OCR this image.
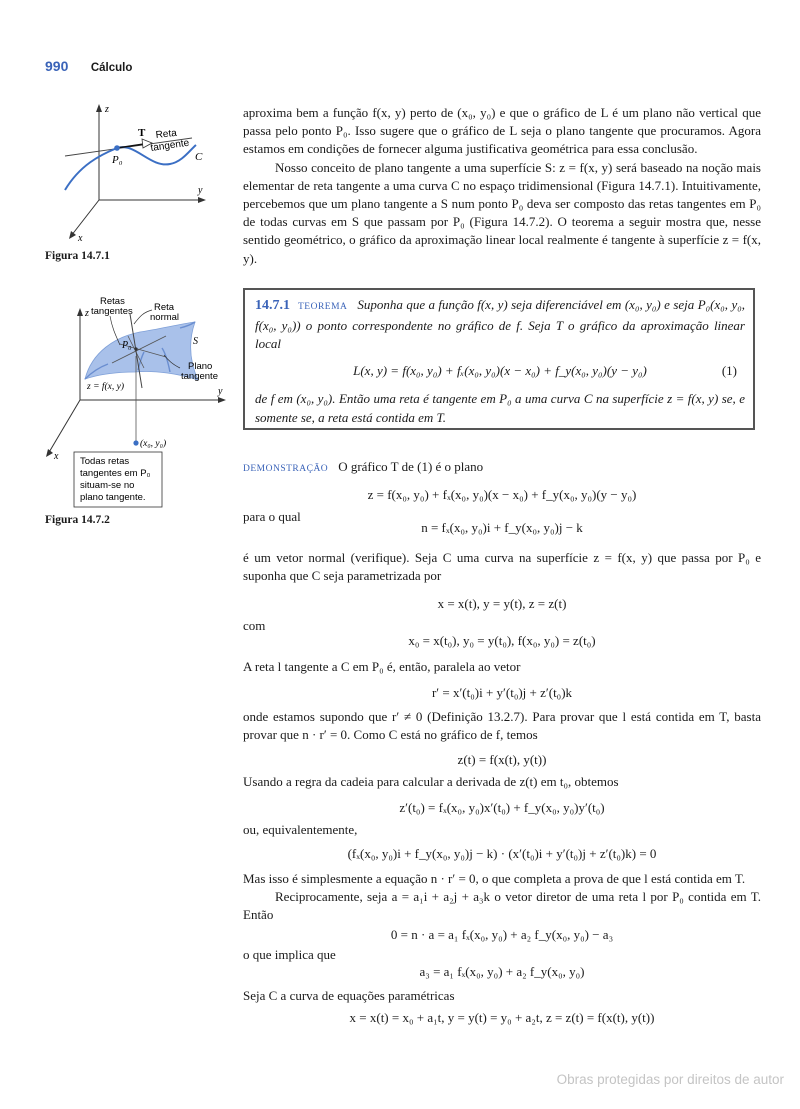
990 Cálculo
z
y
x
T Reta
tangente
P₀	C
Figura 14.7.1
Retas
tangentes Reta
normal
z
P₀	S
Plano
tangente
z = f(x, y)	y
x
(x₀, y₀)
Todas retas
tangentes em P₀
situam-se no
plano tangente.
Figura 14.7.2

aproxima bem a função f(x, y) perto de (x₀, y₀) e que o gráfico de L é um plano não vertical que passa pelo ponto P₀. Isso sugere que o gráfico de L seja o plano tangente que procuramos. Agora estamos em condições de fornecer alguma justificativa geométrica para essa conclusão.

Nosso conceito de plano tangente a uma superfície S: z = f(x, y) será baseado na noção mais elementar de reta tangente a uma curva C no espaço tridimensional (Figura 14.7.1). Intuitivamente, percebemos que um plano tangente a S num ponto P₀ deva ser composto das retas tangentes em P₀ de todas curvas em S que passam por P₀ (Figura 14.7.2). O teorema a seguir mostra que, nesse sentido geométrico, o gráfico da aproximação linear local realmente é tangente à superfície z = f(x, y).

14.7.1 TEOREMA Suponha que a função f(x, y) seja diferenciável em (x₀, y₀) e seja P₀(x₀, y₀, f(x₀, y₀)) o ponto correspondente no gráfico de f. Seja T o gráfico da aproximação linear local
L(x, y) = f(x₀, y₀) + fₓ(x₀, y₀)(x − x₀) + f_y(x₀, y₀)(y − y₀)	(1)
de f em (x₀, y₀). Então uma reta é tangente em P₀ a uma curva C na superfície z = f(x, y) se, e somente se, a reta está contida em T.

DEMONSTRAÇÃO O gráfico T de (1) é o plano

z = f(x₀, y₀) + fₓ(x₀, y₀)(x − x₀) + f_y(x₀, y₀)(y − y₀)

para o qual

n = fₓ(x₀, y₀)i + f_y(x₀, y₀)j − k

é um vetor normal (verifique). Seja C uma curva na superfície z = f(x, y) que passa por P₀ e suponha que C seja parametrizada por

x = x(t), y = y(t), z = z(t)

com

x₀ = x(t₀), y₀ = y(t₀), f(x₀, y₀) = z(t₀)

A reta l tangente a C em P₀ é, então, paralela ao vetor

r′ = x′(t₀)i + y′(t₀)j + z′(t₀)k

onde estamos supondo que r′ ≠ 0 (Definição 13.2.7). Para provar que l está contida em T, basta provar que n · r′ = 0. Como C está no gráfico de f, temos

z(t) = f(x(t), y(t))

Usando a regra da cadeia para calcular a derivada de z(t) em t₀, obtemos

z′(t₀) = fₓ(x₀, y₀)x′(t₀) + f_y(x₀, y₀)y′(t₀)

ou, equivalentemente,

(fₓ(x₀, y₀)i + f_y(x₀, y₀)j − k) · (x′(t₀)i + y′(t₀)j + z′(t₀)k) = 0

Mas isso é simplesmente a equação n · r′ = 0, o que completa a prova de que l está contida em T.

Reciprocamente, seja a = a₁i + a₂j + a₃k o vetor diretor de uma reta l por P₀ contida em T. Então

0 = n · a = a₁ fₓ(x₀, y₀) + a₂ f_y(x₀, y₀) − a₃

o que implica que

a₃ = a₁ fₓ(x₀, y₀) + a₂ f_y(x₀, y₀)

Seja C a curva de equações paramétricas

x = x(t) = x₀ + a₁t, y = y(t) = y₀ + a₂t, z = z(t) = f(x(t), y(t))

Obras protegidas por direitos de autor
